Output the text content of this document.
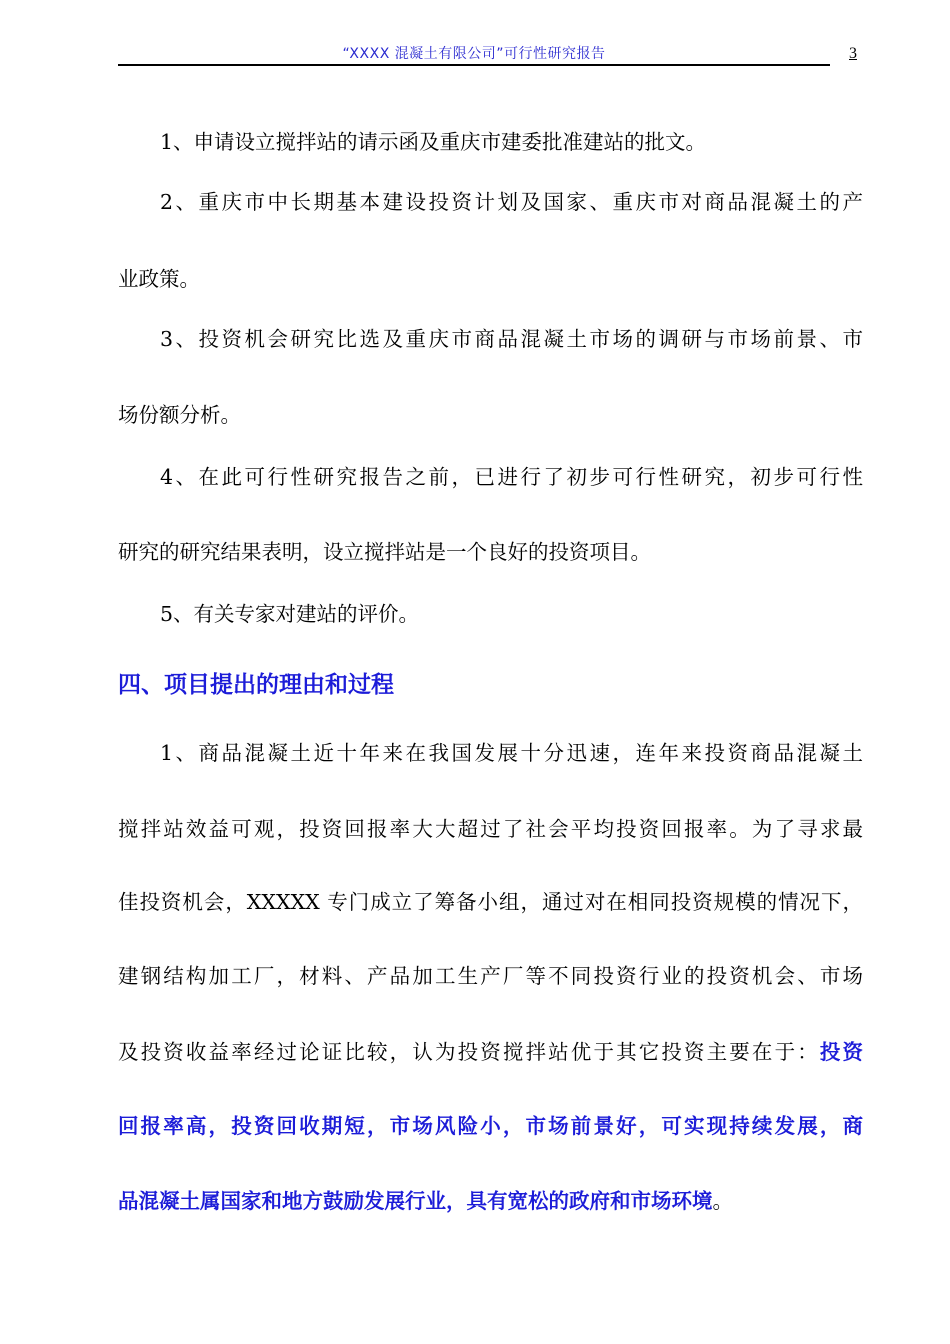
“XXXX 混凝土有限公司”可行性研究报告	3
1、申请设立搅拌站的请示函及重庆市建委批准建站的批文。
2、重庆市中长期基本建设投资计划及国家、重庆市对商品混凝土的产
业政策。
3、投资机会研究比选及重庆市商品混凝土市场的调研与市场前景、市
场份额分析。
4、在此可行性研究报告之前，已进行了初步可行性研究，初步可行性
研究的研究结果表明，设立搅拌站是一个良好的投资项目。
5、有关专家对建站的评价。
四、项目提出的理由和过程
1、商品混凝土近十年来在我国发展十分迅速，连年来投资商品混凝土
搅拌站效益可观，投资回报率大大超过了社会平均投资回报率。为了寻求最
佳投资机会，XXXXX 专门成立了筹备小组，通过对在相同投资规模的情况下，
建钢结构加工厂，材料、产品加工生产厂等不同投资行业的投资机会、市场
及投资收益率经过论证比较，认为投资搅拌站优于其它投资主要在于：投资
回报率高，投资回收期短，市场风险小，市场前景好，可实现持续发展，商
品混凝土属国家和地方鼓励发展行业，具有宽松的政府和市场环境。
